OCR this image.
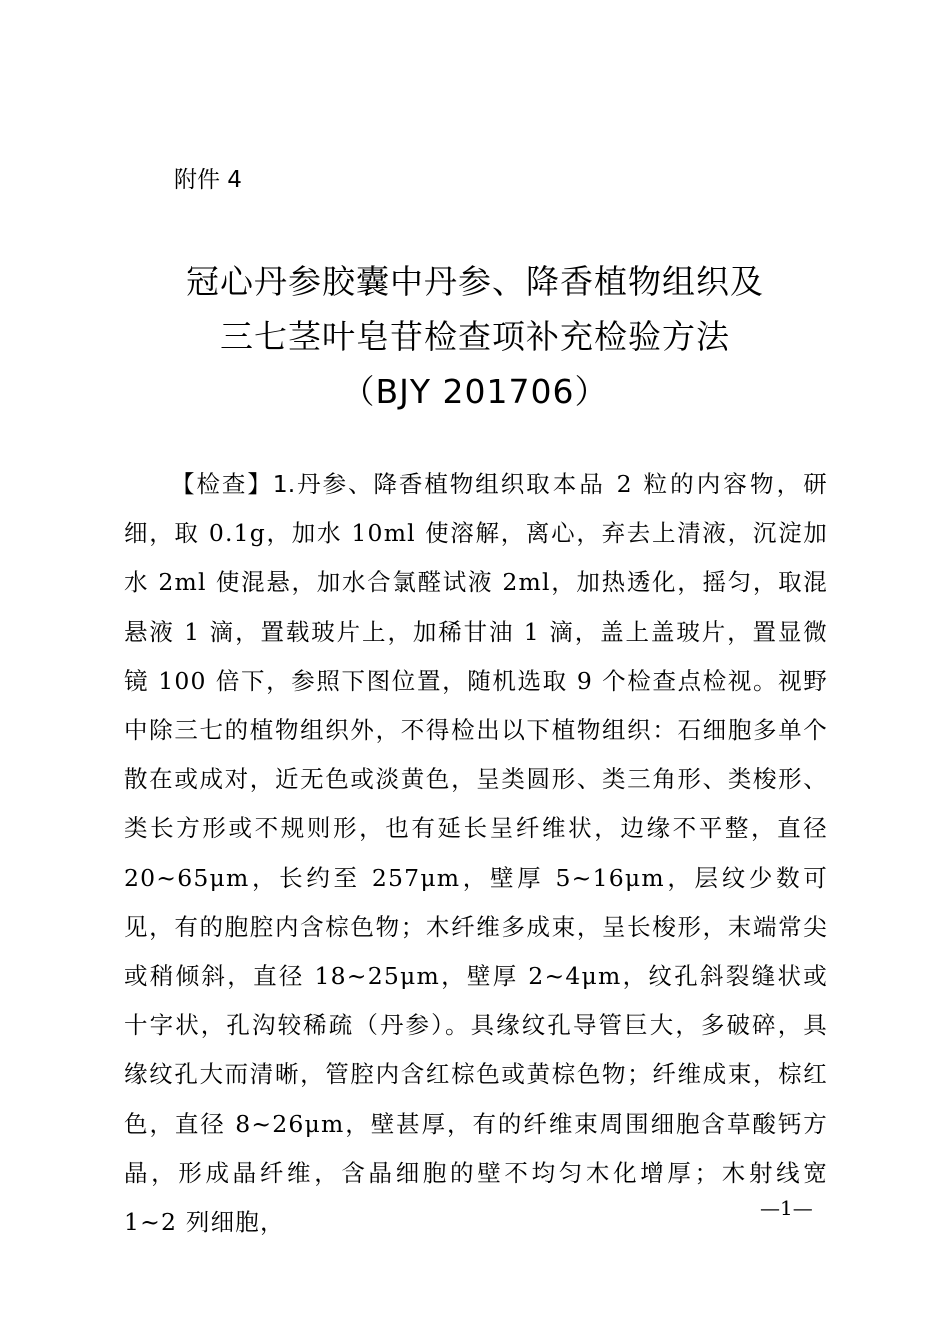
附件 4
冠心丹参胶囊中丹参、降香植物组织及
三七茎叶皂苷检查项补充检验方法
（BJY 201706）

【检查】1.丹参、降香植物组织取本品 2 粒的内容物，研细，取 0.1g，加水 10ml 使溶解，离心，弃去上清液，沉淀加水 2ml 使混悬，加水合氯醛试液 2ml，加热透化，摇匀，取混悬液 1 滴，置载玻片上，加稀甘油 1 滴，盖上盖玻片，置显微镜 100 倍下，参照下图位置，随机选取 9 个检查点检视。视野中除三七的植物组织外，不得检出以下植物组织：石细胞多单个散在或成对，近无色或淡黄色，呈类圆形、类三角形、类梭形、类长方形或不规则形，也有延长呈纤维状，边缘不平整，直径 20~65μm，长约至 257μm，壁厚 5~16μm，层纹少数可见，有的胞腔内含棕色物；木纤维多成束，呈长梭形，末端常尖或稍倾斜，直径 18~25μm，壁厚 2~4μm，纹孔斜裂缝状或十字状，孔沟较稀疏（丹参）。具缘纹孔导管巨大，多破碎，具缘纹孔大而清晰，管腔内含红棕色或黄棕色物；纤维成束，棕红色，直径 8~26μm，壁甚厚，有的纤维束周围细胞含草酸钙方晶，形成晶纤维，含晶细胞的壁不均匀木化增厚；木射线宽 1~2 列细胞，

—1—
